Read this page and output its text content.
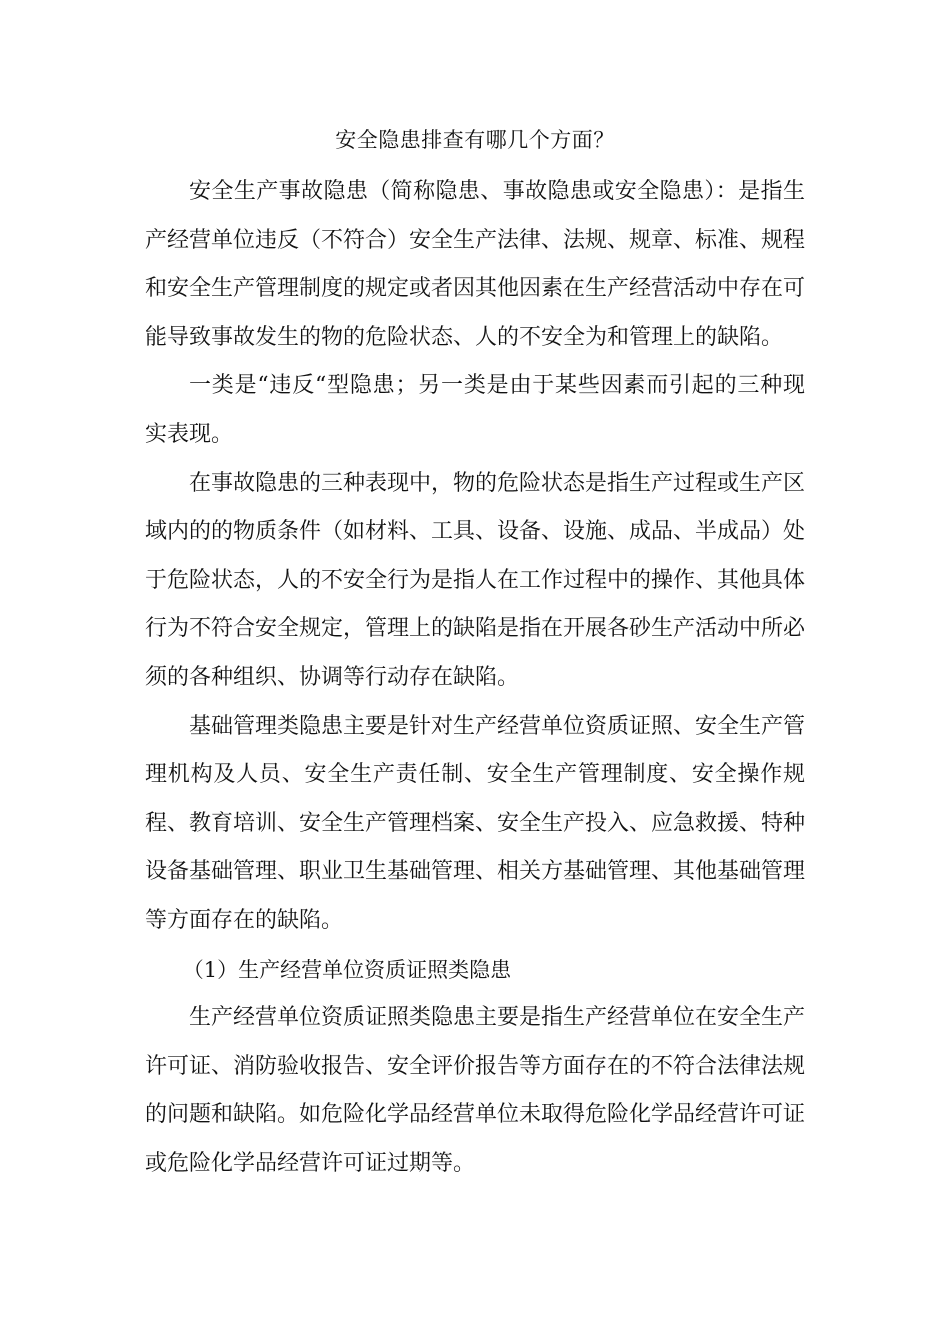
安全隐患排查有哪几个方面？

安全生产事故隐患（简称隐患、事故隐患或安全隐患）：是指生产经营单位违反（不符合）安全生产法律、法规、规章、标准、规程和安全生产管理制度的规定或者因其他因素在生产经营活动中存在可能导致事故发生的物的危险状态、人的不安全为和管理上的缺陷。

一类是“违反“型隐患；另一类是由于某些因素而引起的三种现实表现。

在事故隐患的三种表现中，物的危险状态是指生产过程或生产区域内的的物质条件（如材料、工具、设备、设施、成品、半成品）处于危险状态，人的不安全行为是指人在工作过程中的操作、其他具体行为不符合安全规定，管理上的缺陷是指在开展各砂生产活动中所必须的各种组织、协调等行动存在缺陷。

基础管理类隐患主要是针对生产经营单位资质证照、安全生产管理机构及人员、安全生产责任制、安全生产管理制度、安全操作规程、教育培训、安全生产管理档案、安全生产投入、应急救援、特种设备基础管理、职业卫生基础管理、相关方基础管理、其他基础管理等方面存在的缺陷。

（1）生产经营单位资质证照类隐患

生产经营单位资质证照类隐患主要是指生产经营单位在安全生产许可证、消防验收报告、安全评价报告等方面存在的不符合法律法规的问题和缺陷。如危险化学品经营单位未取得危险化学品经营许可证或危险化学品经营许可证过期等。
